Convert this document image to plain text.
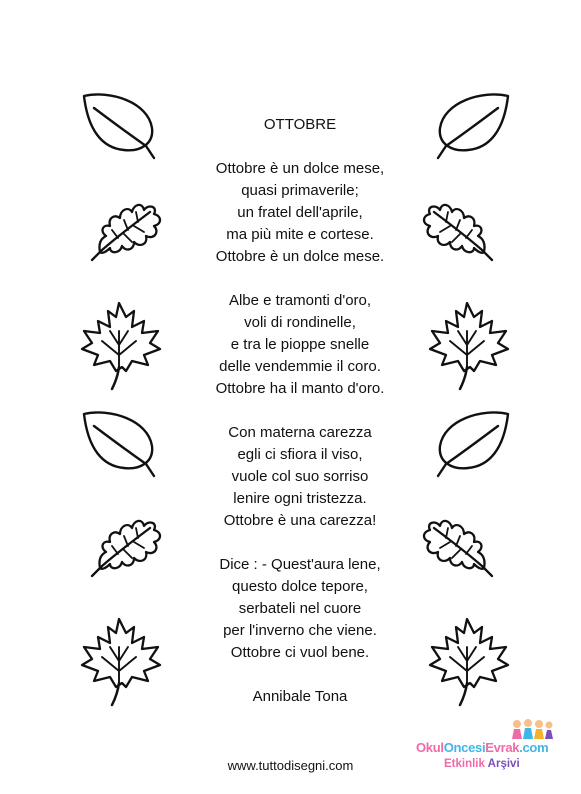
OTTOBRE
Ottobre è un dolce mese,
quasi primaverile;
un fratel dell'aprile,
ma più mite e cortese.
Ottobre è un dolce mese.
Albe e tramonti d'oro,
voli di rondinelle,
e tra le pioppe snelle
delle vendemmie il coro.
Ottobre ha il manto d'oro.
Con materna carezza
egli ci sfiora il viso,
vuole col suo sorriso
lenire ogni tristezza.
Ottobre è una carezza!
Dice : - Quest'aura lene,
questo dolce tepore,
serbateli nel cuore
per l'inverno che viene.
Ottobre ci vuol bene.
Annibale Tona
www.tuttodisegni.com
OkulOncesiEvrak.com
Etkinlik Arşivi
